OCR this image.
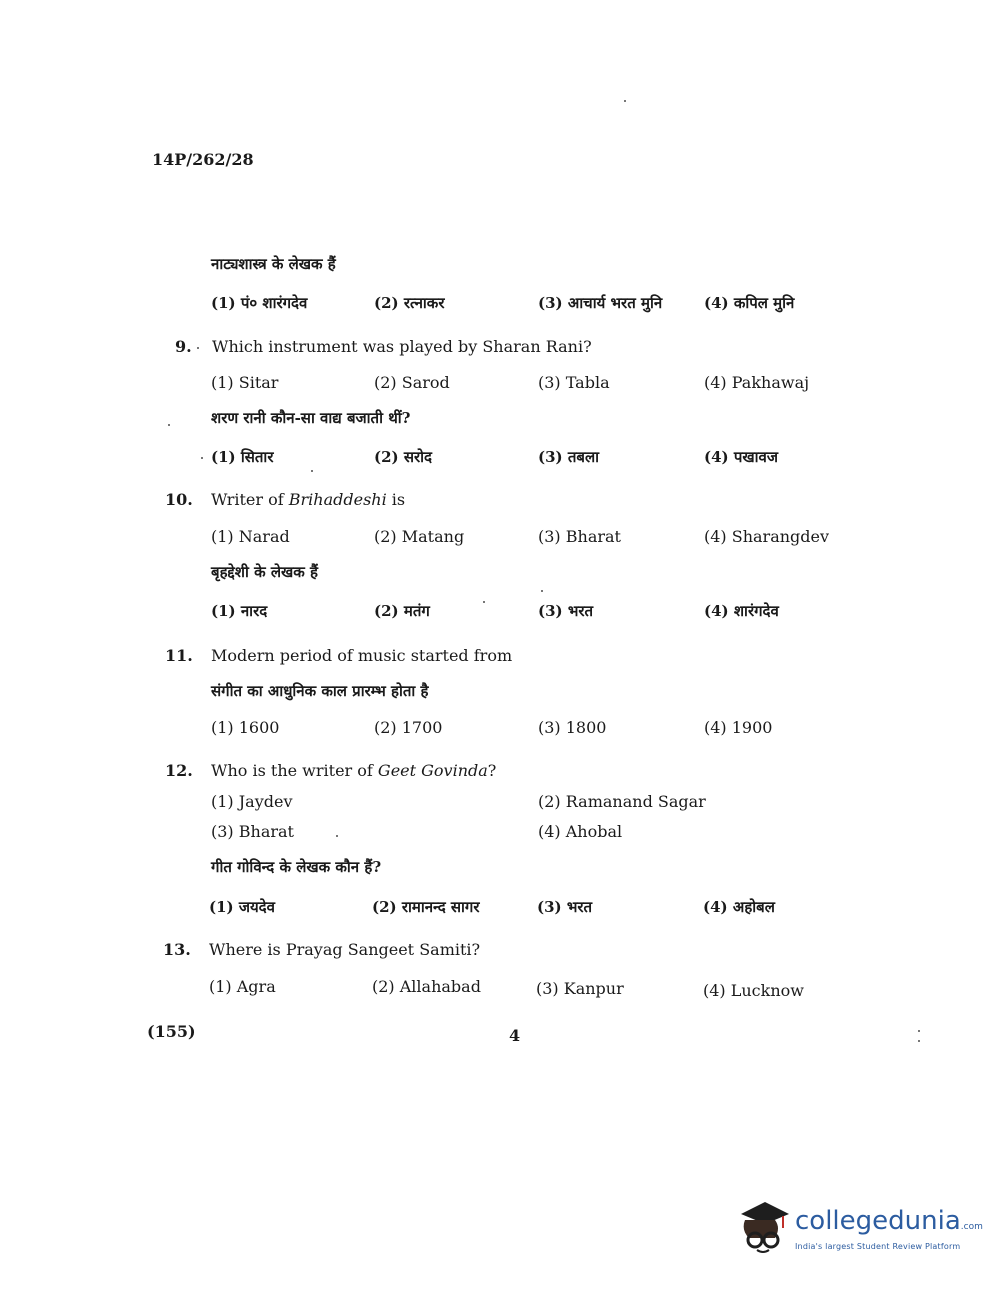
14P/262/28
नाट्यशास्त्र के लेखक हैं
(1) पं० शारंगदेव	(2) रत्नाकर	(3) आचार्य भरत मुनि	(4) कपिल मुनि
9. Which instrument was played by Sharan Rani?
(1) Sitar	(2) Sarod	(3) Tabla	(4) Pakhawaj
शरण रानी कौन-सा वाद्य बजाती थीं?
(1) सितार	(2) सरोद	(3) तबला	(4) पखावज
10. Writer of Brihaddeshi is
(1) Narad	(2) Matang	(3) Bharat	(4) Sharangdev
बृहद्देशी के लेखक हैं
(1) नारद	(2) मतंग	(3) भरत	(4) शारंगदेव
11. Modern period of music started from
संगीत का आधुनिक काल प्रारम्भ होता है
(1) 1600	(2) 1700	(3) 1800	(4) 1900
12. Who is the writer of Geet Govinda?
(1) Jaydev	(2) Ramanand Sagar
(3) Bharat	(4) Ahobal
गीत गोविन्द के लेखक कौन हैं?
(1) जयदेव	(2) रामानन्द सागर	(3) भरत	(4) अहोबल
13. Where is Prayag Sangeet Samiti?
(1) Agra	(2) Allahabad	(3) Kanpur	(4) Lucknow
(155)	4
collegedunia.com
India's largest Student Review Platform
